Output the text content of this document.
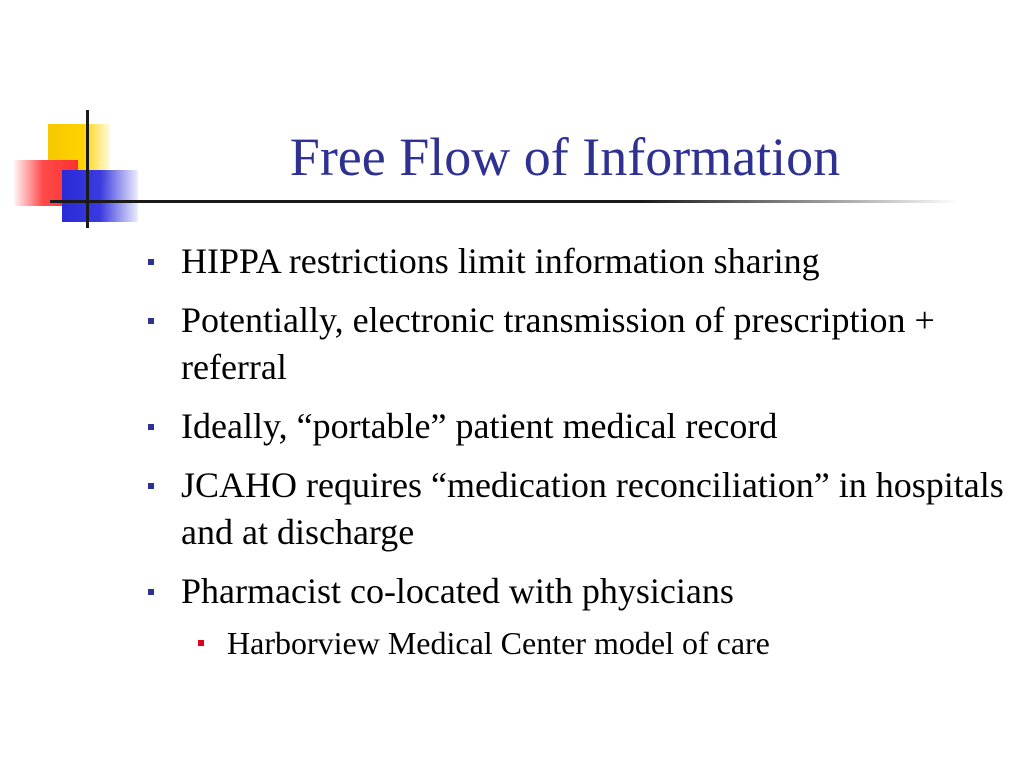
Free Flow of Information
HIPPA restrictions limit information sharing
Potentially, electronic transmission of prescription + referral
Ideally, “portable” patient medical record
JCAHO requires “medication reconciliation” in hospitals and at discharge
Pharmacist co-located with physicians
Harborview Medical Center model of care
